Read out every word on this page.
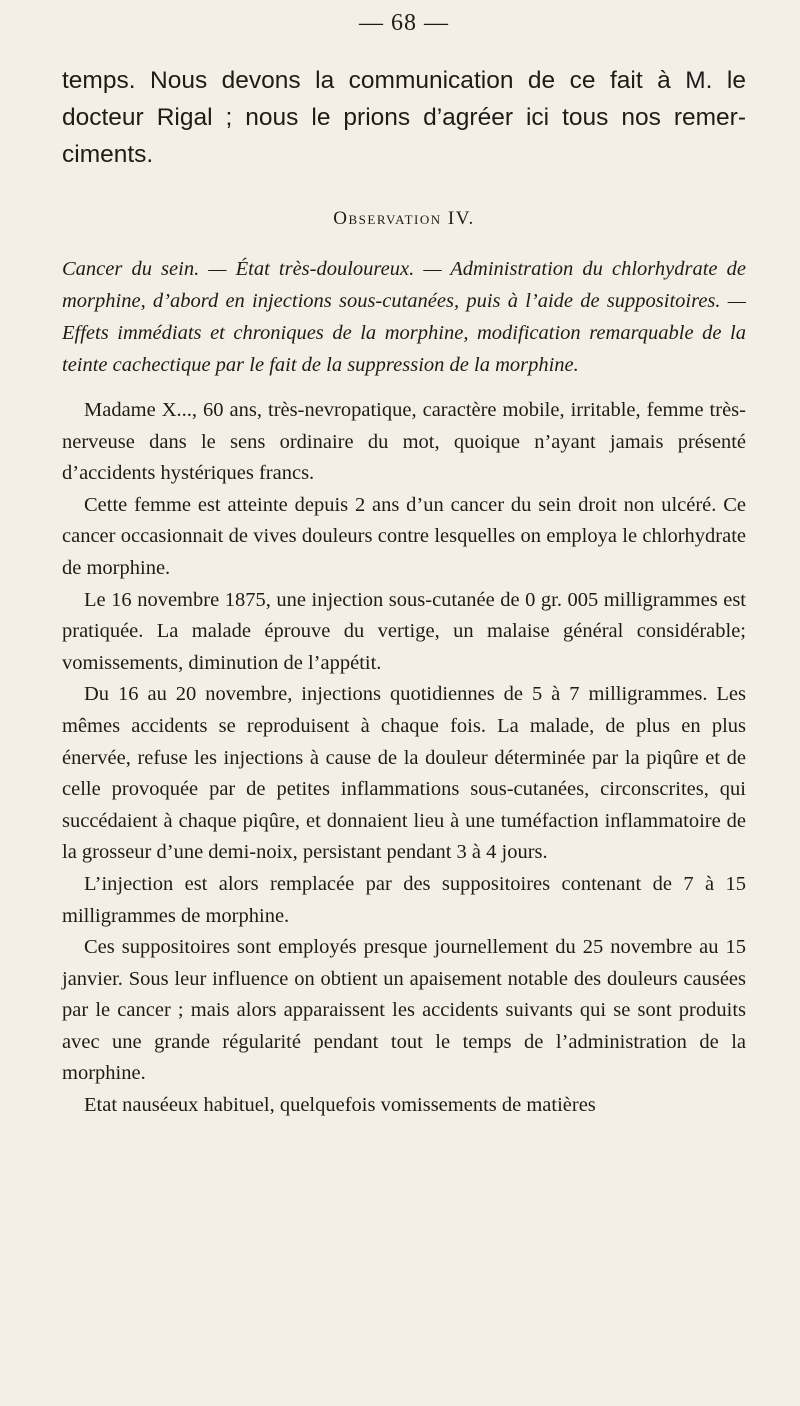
— 68 —

temps. Nous devons la communication de ce fait à M. le docteur Rigal ; nous le prions d’agréer ici tous nos remerciments.

Observation IV.

Cancer du sein. — État très-douloureux. — Administration du chlorhydrate de morphine, d’abord en injections sous-cutanées, puis à l’aide de suppositoires. — Effets immédiats et chroniques de la morphine, modification remarquable de la teinte cachectique par le fait de la suppression de la morphine.

Madame X..., 60 ans, très-nevropatique, caractère mobile, irritable, femme très-nerveuse dans le sens ordinaire du mot, quoique n’ayant jamais présenté d’accidents hystériques francs.

Cette femme est atteinte depuis 2 ans d’un cancer du sein droit non ulcéré. Ce cancer occasionnait de vives douleurs contre lesquelles on employa le chlorhydrate de morphine.

Le 16 novembre 1875, une injection sous-cutanée de 0 gr. 005 milligrammes est pratiquée. La malade éprouve du vertige, un malaise général considérable; vomissements, diminution de l’appétit.

Du 16 au 20 novembre, injections quotidiennes de 5 à 7 milligrammes. Les mêmes accidents se reproduisent à chaque fois. La malade, de plus en plus énervée, refuse les injections à cause de la douleur déterminée par la piqûre et de celle provoquée par de petites inflammations sous-cutanées, circonscrites, qui succédaient à chaque piqûre, et donnaient lieu à une tuméfaction inflammatoire de la grosseur d’une demi-noix, persistant pendant 3 à 4 jours.

L’injection est alors remplacée par des suppositoires contenant de 7 à 15 milligrammes de morphine.

Ces suppositoires sont employés presque journellement du 25 novembre au 15 janvier. Sous leur influence on obtient un apaisement notable des douleurs causées par le cancer ; mais alors apparaissent les accidents suivants qui se sont produits avec une grande régularité pendant tout le temps de l’administration de la morphine.

Etat nauséeux habituel, quelquefois vomissements de matières
